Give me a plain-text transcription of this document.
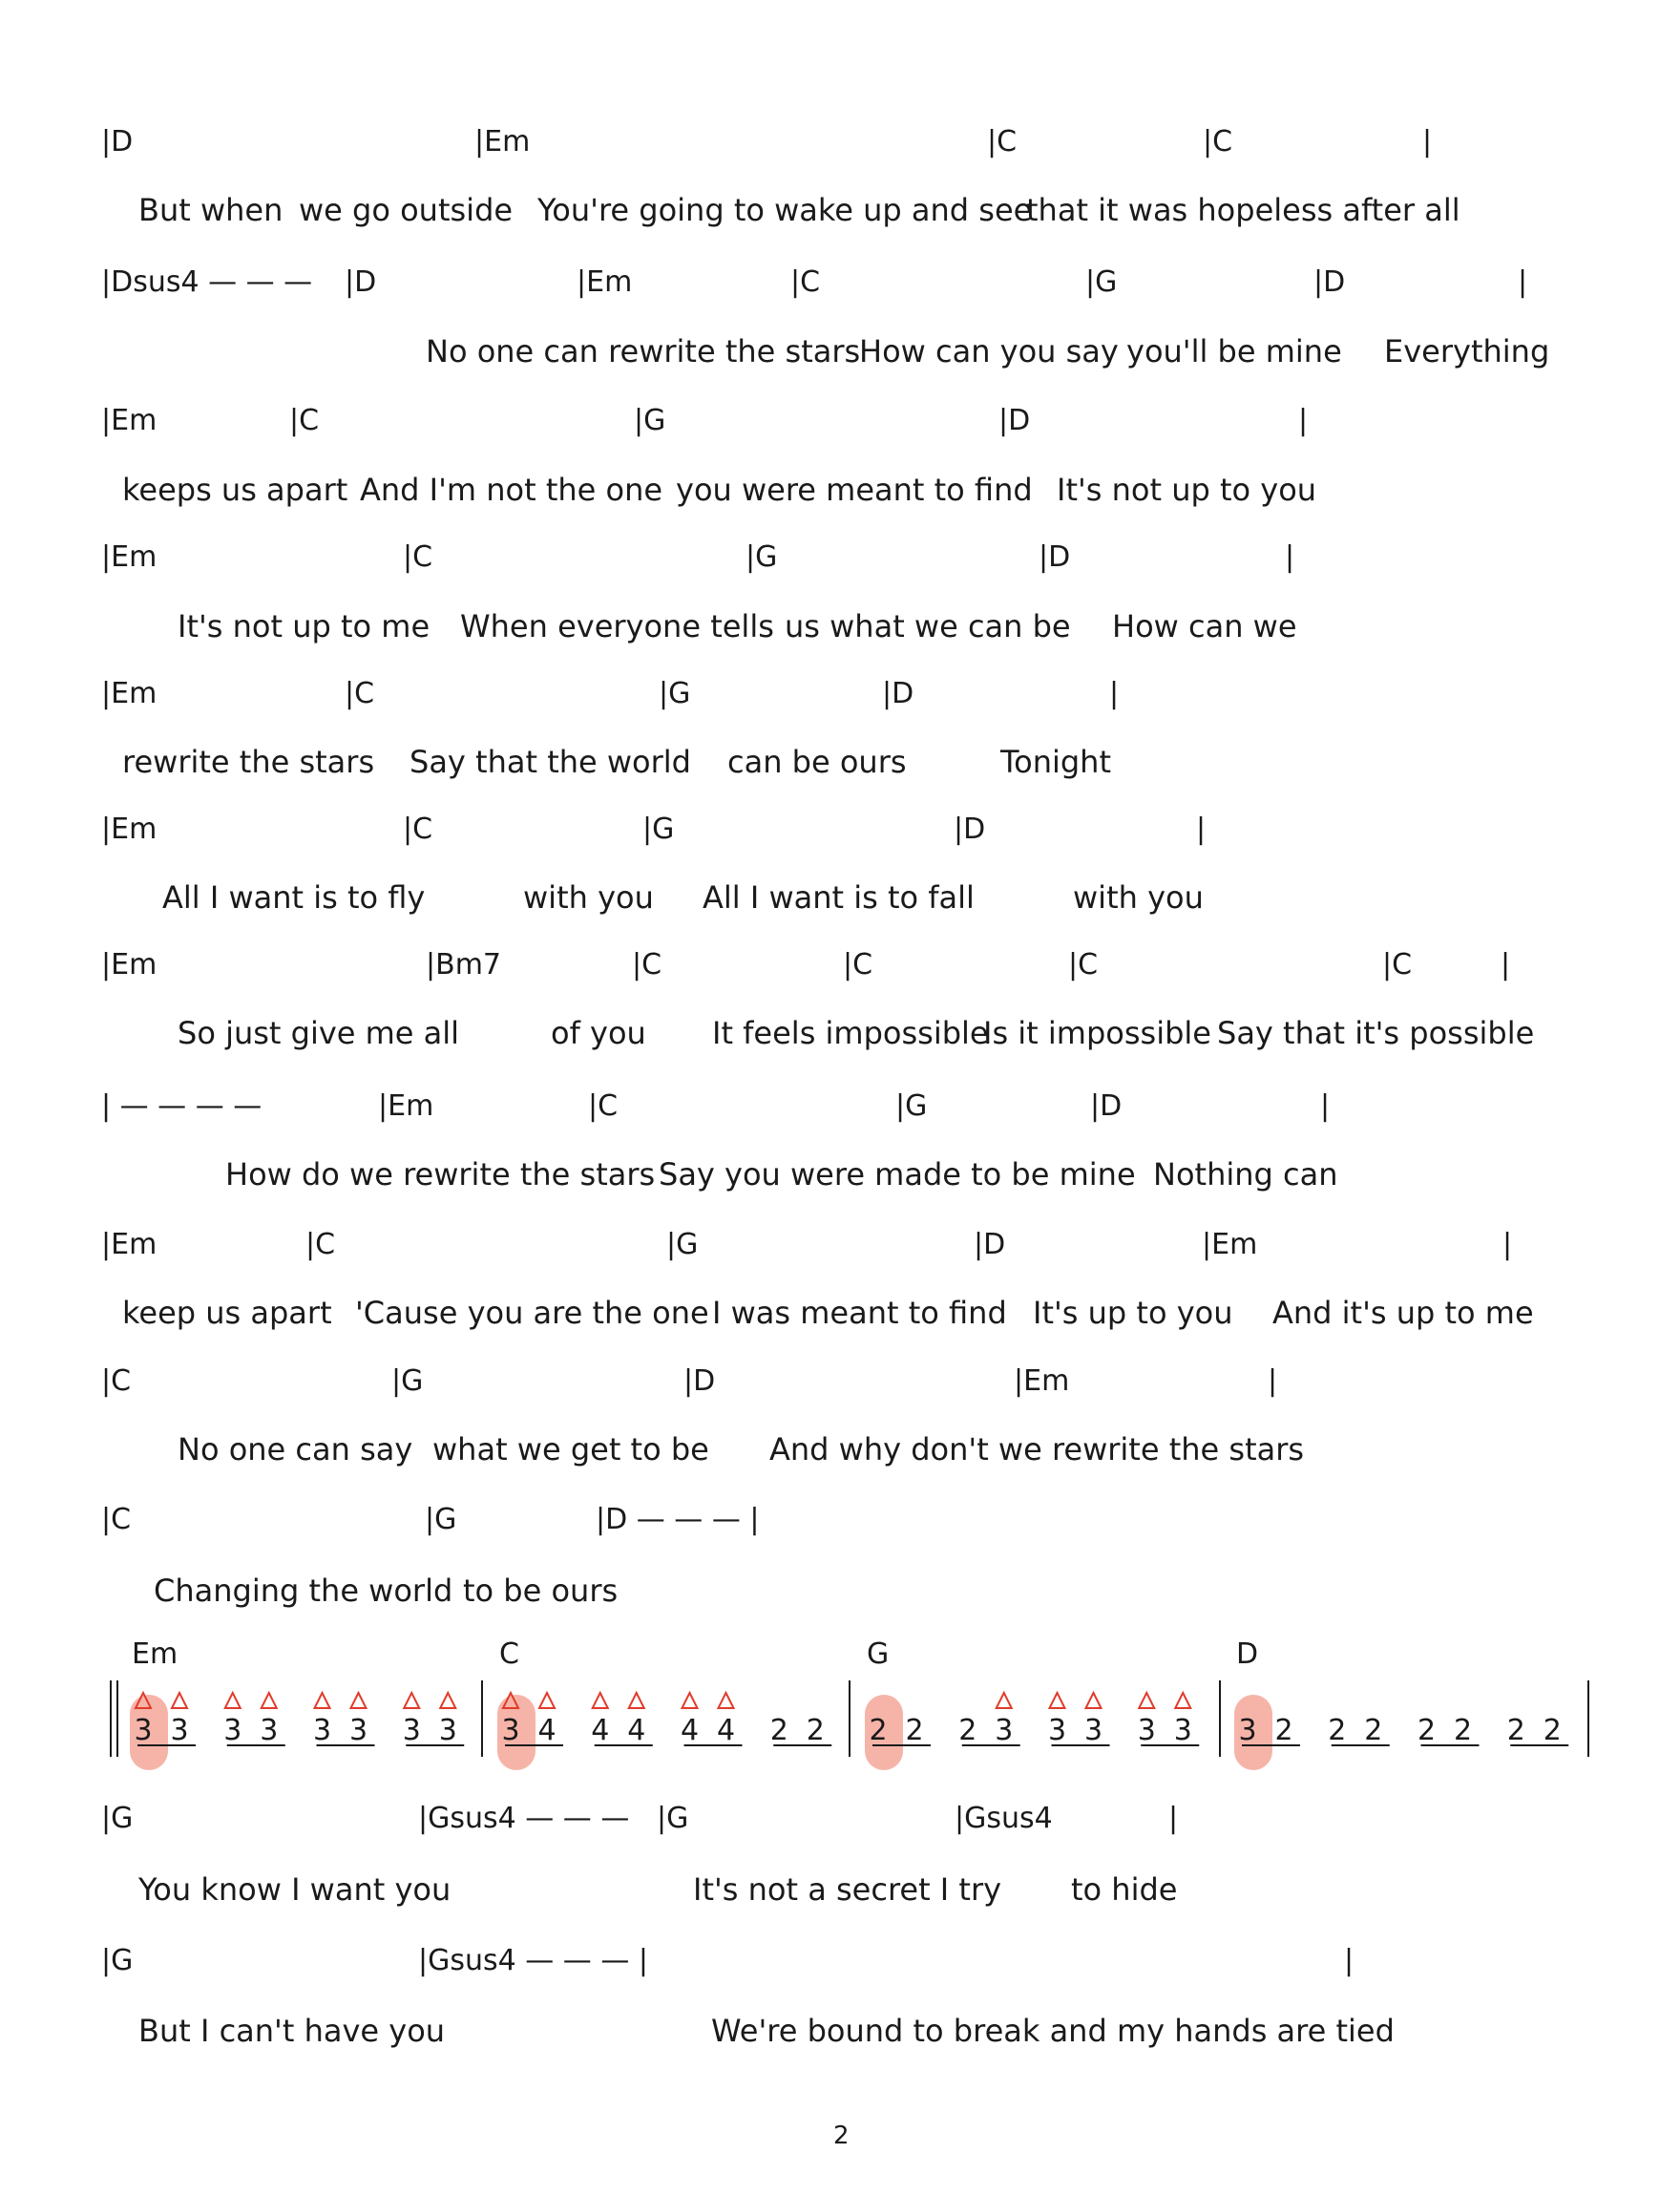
|D	|Em	|C	|C	|
But when we go outside You're going to wake up and see
that it was hopeless after all
|Dsus4 — — — |D	|Em	|C	|G	|D	|
No one can rewrite the stars
How can you say you'll be mine Everything
|Em	|C	|G	|D	|
keeps us apart And I'm not the one you were meant to find It's not up to you
|Em	|C	|G	|D	|
It's not up to me When everyone tells us what we can be How can we
|Em	|C	|G	|D	|
rewrite the stars Say that the world can be ours	Tonight
|Em	|C	|G	|D	|
All I want is to fly	with you All I want is to fall	with you
|Em	|Bm7	|C	|C	|C	|C	|
So just give me all	of you It feels impossible
Is it impossible Say that it's possible
| — — — —	|Em	|C	|G	|D	|
How do we rewrite the stars Say you were made to be mine Nothing can
|Em	|C	|G	|D	|Em	|
keep us apart 'Cause you are the one I was meant to find It's up to you And it's up to me
|C	|G	|D	|Em	|
No one can say what we get to be And why don't we rewrite the stars
|C	|G	|D — — — |
Changing the world to be ours
|G	|Gsus4 — — — |G	|Gsus4	|
You know I want you	It's not a secret I try to hide
|G	|Gsus4 — — — |	|
But I can't have you	We're bound to break and my hands are tied
Em
3 3 3 3 3 3 3 3
C
3 4 4 4 4 4 2 2
G
2 2 2 3 3 3 3 3
D
3 2 2 2 2 2 2 2
2
